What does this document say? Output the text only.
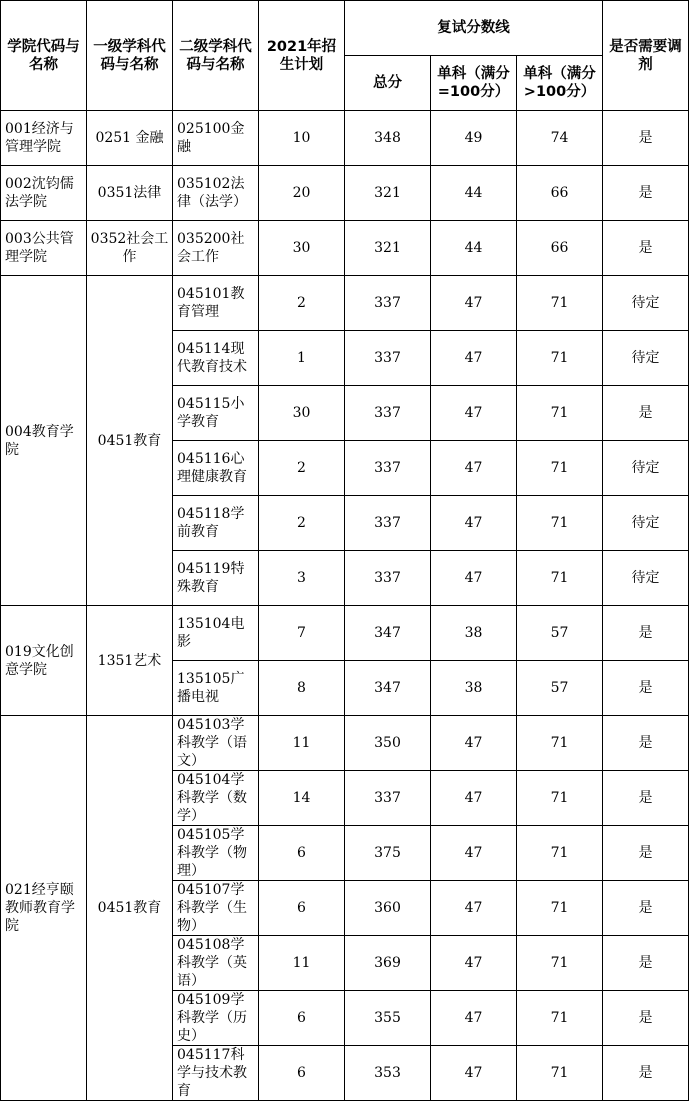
学院代码与名称	一级学科代码与名称	二级学科代码与名称	2021年招生计划	复试分数线			是否需要调剂
				总分	单科（满分=100分）	单科（满分>100分）	
001经济与管理学院	0251 金融	025100金融	10	348	49	74	是
002沈钧儒法学院	0351法律	035102法律（法学）	20	321	44	66	是
003公共管理学院	0352社会工作	035200社会工作	30	321	44	66	是
004教育学院	0451教育	045101教育管理	2	337	47	71	待定
		045114现代教育技术	1	337	47	71	待定
		045115小学教育	30	337	47	71	是
		045116心理健康教育	2	337	47	71	待定
		045118学前教育	2	337	47	71	待定
		045119特殊教育	3	337	47	71	待定
019文化创意学院	1351艺术	135104电影	7	347	38	57	是
		135105广播电视	8	347	38	57	是
021经亨颐教师教育学院	0451教育	045103学科教学（语文）	11	350	47	71	是
		045104学科教学（数学）	14	337	47	71	是
		045105学科教学（物理）	6	375	47	71	是
		045107学科教学（生物）	6	360	47	71	是
		045108学科教学（英语）	11	369	47	71	是
		045109学科教学（历史）	6	355	47	71	是
		045117科学与技术教育	6	353	47	71	是
